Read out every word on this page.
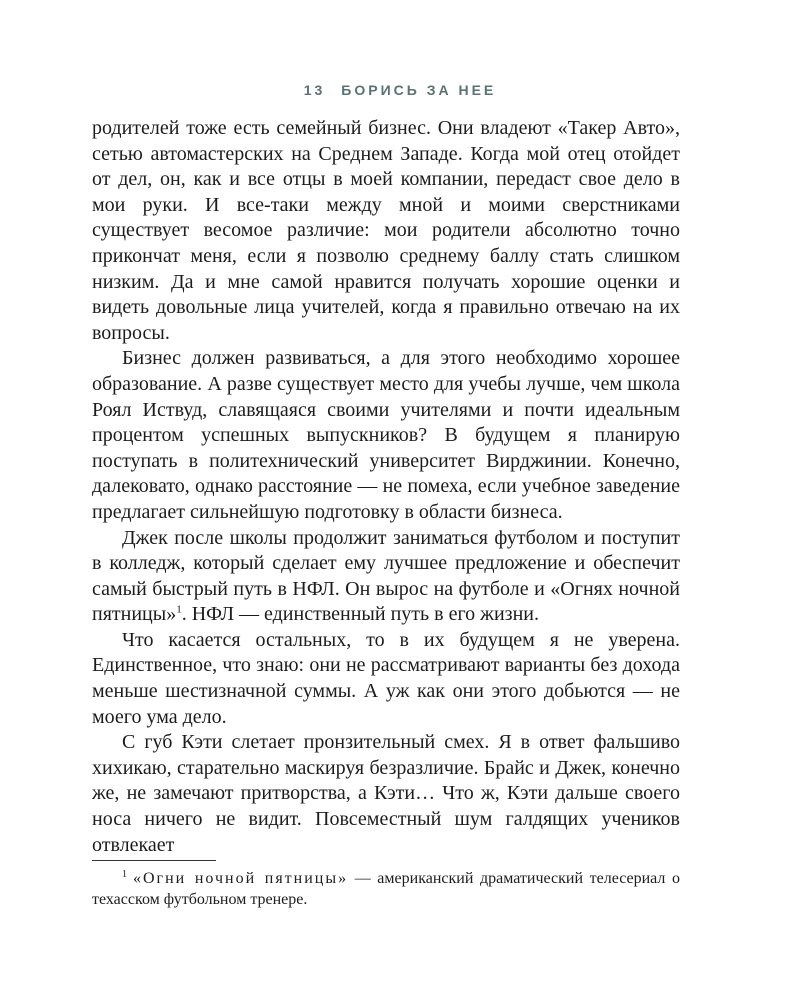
13 БОРИСЬ ЗА НЕЕ

родителей тоже есть семейный бизнес. Они владеют «Такер Авто», сетью автомастерских на Среднем Западе. Когда мой отец отойдет от дел, он, как и все отцы в моей компании, передаст свое дело в мои руки. И все-таки между мной и моими сверстниками существует весомое различие: мои родители абсолютно точно прикончат меня, если я позволю среднему баллу стать слишком низким. Да и мне самой нравится получать хорошие оценки и видеть довольные лица учителей, когда я правильно отвечаю на их вопросы.

Бизнес должен развиваться, а для этого необходимо хорошее образование. А разве существует место для учебы лучше, чем школа Роял Иствуд, славящаяся своими учителями и почти идеальным процентом успешных выпускников? В будущем я планирую поступать в политехнический университет Вирджинии. Конечно, далековато, однако расстояние — не помеха, если учебное заведение предлагает сильнейшую подготовку в области бизнеса.

Джек после школы продолжит заниматься футболом и поступит в колледж, который сделает ему лучшее предложение и обеспечит самый быстрый путь в НФЛ. Он вырос на футболе и «Огнях ночной пятницы»$^1$. НФЛ — единственный путь в его жизни.

Что касается остальных, то в их будущем я не уверена. Единственное, что знаю: они не рассматривают варианты без дохода меньше шестизначной суммы. А уж как они этого добьются — не моего ума дело.

С губ Кэти слетает пронзительный смех. Я в ответ фальшиво хихикаю, старательно маскируя безразличие. Брайс и Джек, конечно же, не замечают притворства, а Кэти… Что ж, Кэти дальше своего носа ничего не видит. Повсеместный шум галдящих учеников отвлекает

$^1$ «Огни ночной пятницы» — американский драматический телесериал о техасском футбольном тренере.
